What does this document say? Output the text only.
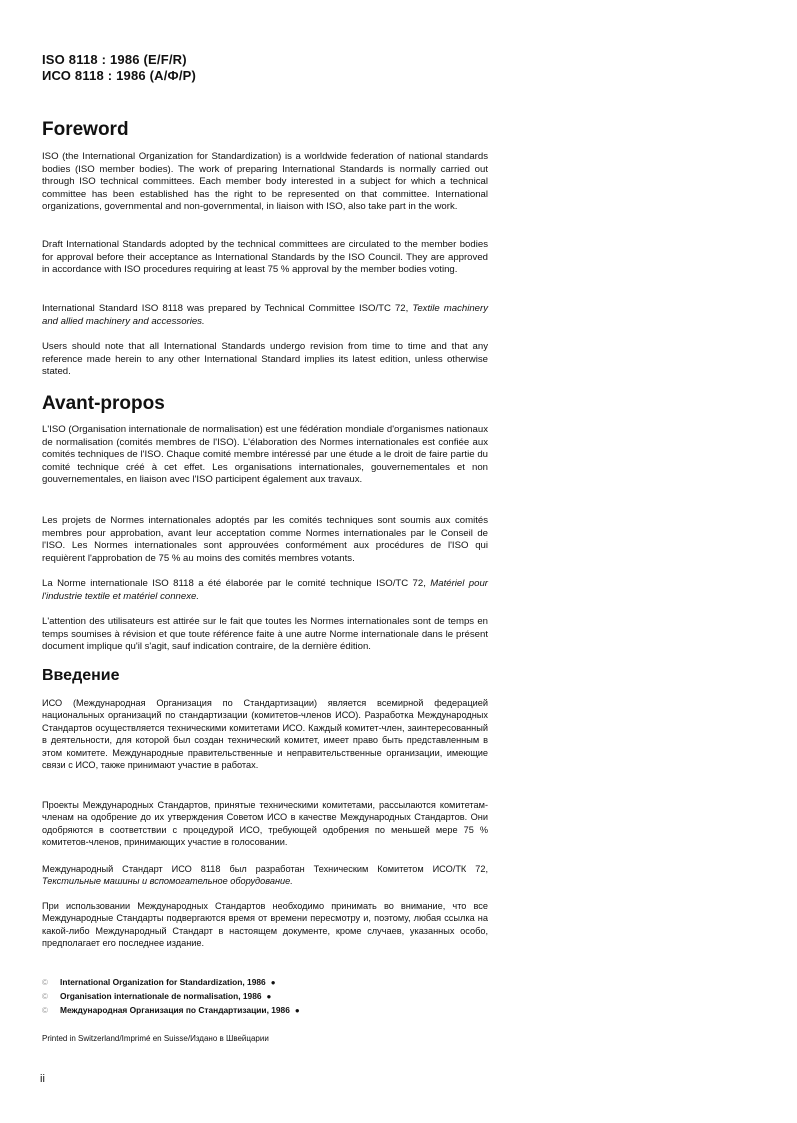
ISO 8118 : 1986 (E/F/R)
ИСО 8118 : 1986 (А/Ф/Р)
Foreword

ISO (the International Organization for Standardization) is a worldwide federation of national standards bodies (ISO member bodies). The work of preparing International Standards is normally carried out through ISO technical committees. Each member body interested in a subject for which a technical committee has been established has the right to be represented on that committee. International organizations, governmental and non-governmental, in liaison with ISO, also take part in the work.

Draft International Standards adopted by the technical committees are circulated to the member bodies for approval before their acceptance as International Standards by the ISO Council. They are approved in accordance with ISO procedures requiring at least 75 % approval by the member bodies voting.

International Standard ISO 8118 was prepared by Technical Committee ISO/TC 72, Textile machinery and allied machinery and accessories.

Users should note that all International Standards undergo revision from time to time and that any reference made herein to any other International Standard implies its latest edition, unless otherwise stated.

Avant-propos

L'ISO (Organisation internationale de normalisation) est une fédération mondiale d'organismes nationaux de normalisation (comités membres de l'ISO). L'élaboration des Normes internationales est confiée aux comités techniques de l'ISO. Chaque comité membre intéressé par une étude a le droit de faire partie du comité technique créé à cet effet. Les organisations internationales, gouvernementales et non gouvernementales, en liaison avec l'ISO participent également aux travaux.

Les projets de Normes internationales adoptés par les comités techniques sont soumis aux comités membres pour approbation, avant leur acceptation comme Normes internationales par le Conseil de l'ISO. Les Normes internationales sont approuvées conformément aux procédures de l'ISO qui requièrent l'approbation de 75 % au moins des comités membres votants.

La Norme internationale ISO 8118 a été élaborée par le comité technique ISO/TC 72, Matériel pour l'industrie textile et matériel connexe.

L'attention des utilisateurs est attirée sur le fait que toutes les Normes internationales sont de temps en temps soumises à révision et que toute référence faite à une autre Norme internationale dans le présent document implique qu'il s'agit, sauf indication contraire, de la dernière édition.

Введение

ИСО (Международная Организация по Стандартизации) является всемирной федерацией национальных организаций по стандартизации (комитетов-членов ИСО). Разработка Международных Стандартов осуществляется техническими комитетами ИСО. Каждый комитет-член, заинтересованный в деятельности, для которой был создан технический комитет, имеет право быть представленным в этом комитете. Международные правительственные и неправительственные организации, имеющие связи с ИСО, также принимают участие в работах.

Проекты Международных Стандартов, принятые техническими комитетами, рассылаются комитетам-членам на одобрение до их утверждения Советом ИСО в качестве Международных Стандартов. Они одобряются в соответствии с процедурой ИСО, требующей одобрения по меньшей мере 75 % комитетов-членов, принимающих участие в голосовании.

Международный Стандарт ИСО 8118 был разработан Техническим Комитетом ИСО/ТК 72, Текстильные машины и вспомогательное оборудование.

При использовании Международных Стандартов необходимо принимать во внимание, что все Международные Стандарты подвергаются время от времени пересмотру и, поэтому, любая ссылка на какой-либо Международный Стандарт в настоящем документе, кроме случаев, указанных особо, предполагает его последнее издание.

©	International Organization for Standardization, 1986 ●
©	Organisation internationale de normalisation, 1986 ●
©	Международная Организация по Стандартизации, 1986 ●
Printed in Switzerland/Imprimé en Suisse/Издано в Швейцарии
ii
